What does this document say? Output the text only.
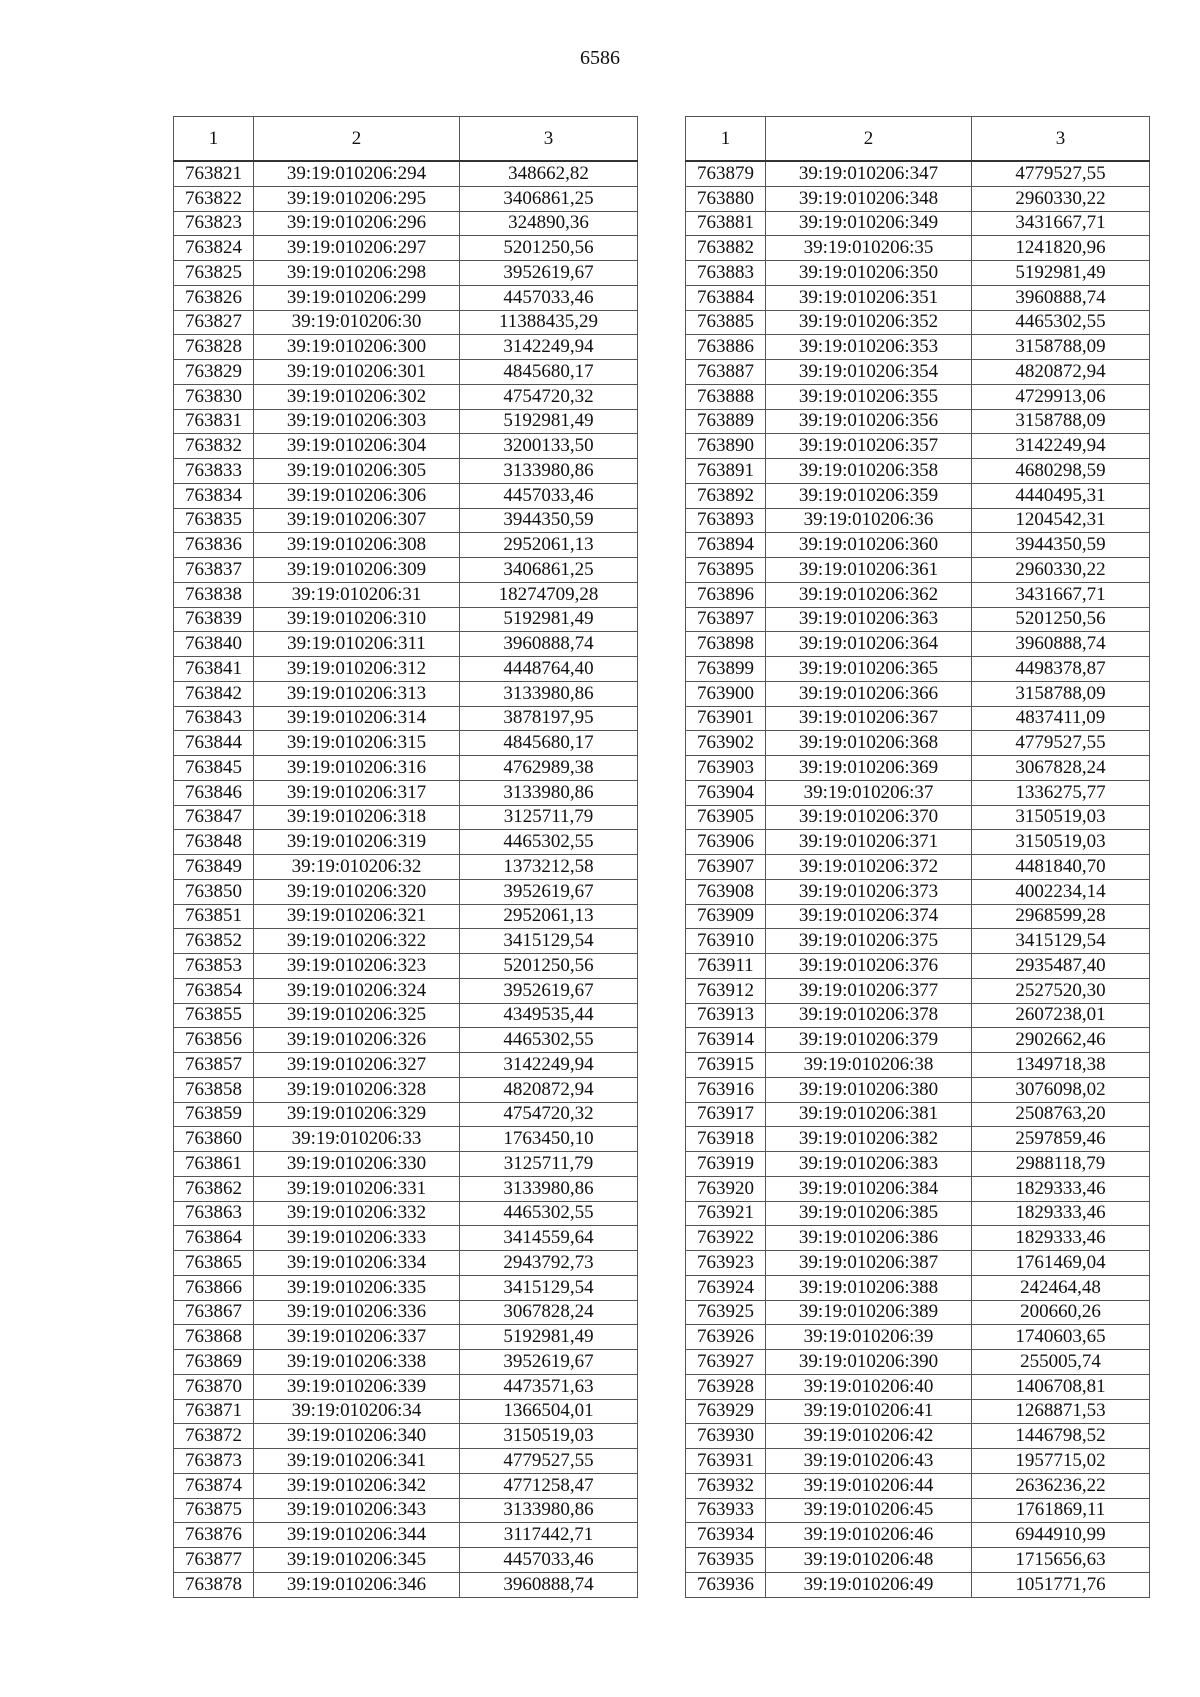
6586
1	2	3
763821	39:19:010206:294	348662,82
763822	39:19:010206:295	3406861,25
763823	39:19:010206:296	324890,36
763824	39:19:010206:297	5201250,56
763825	39:19:010206:298	3952619,67
763826	39:19:010206:299	4457033,46
763827	39:19:010206:30	11388435,29
763828	39:19:010206:300	3142249,94
763829	39:19:010206:301	4845680,17
763830	39:19:010206:302	4754720,32
763831	39:19:010206:303	5192981,49
763832	39:19:010206:304	3200133,50
763833	39:19:010206:305	3133980,86
763834	39:19:010206:306	4457033,46
763835	39:19:010206:307	3944350,59
763836	39:19:010206:308	2952061,13
763837	39:19:010206:309	3406861,25
763838	39:19:010206:31	18274709,28
763839	39:19:010206:310	5192981,49
763840	39:19:010206:311	3960888,74
763841	39:19:010206:312	4448764,40
763842	39:19:010206:313	3133980,86
763843	39:19:010206:314	3878197,95
763844	39:19:010206:315	4845680,17
763845	39:19:010206:316	4762989,38
763846	39:19:010206:317	3133980,86
763847	39:19:010206:318	3125711,79
763848	39:19:010206:319	4465302,55
763849	39:19:010206:32	1373212,58
763850	39:19:010206:320	3952619,67
763851	39:19:010206:321	2952061,13
763852	39:19:010206:322	3415129,54
763853	39:19:010206:323	5201250,56
763854	39:19:010206:324	3952619,67
763855	39:19:010206:325	4349535,44
763856	39:19:010206:326	4465302,55
763857	39:19:010206:327	3142249,94
763858	39:19:010206:328	4820872,94
763859	39:19:010206:329	4754720,32
763860	39:19:010206:33	1763450,10
763861	39:19:010206:330	3125711,79
763862	39:19:010206:331	3133980,86
763863	39:19:010206:332	4465302,55
763864	39:19:010206:333	3414559,64
763865	39:19:010206:334	2943792,73
763866	39:19:010206:335	3415129,54
763867	39:19:010206:336	3067828,24
763868	39:19:010206:337	5192981,49
763869	39:19:010206:338	3952619,67
763870	39:19:010206:339	4473571,63
763871	39:19:010206:34	1366504,01
763872	39:19:010206:340	3150519,03
763873	39:19:010206:341	4779527,55
763874	39:19:010206:342	4771258,47
763875	39:19:010206:343	3133980,86
763876	39:19:010206:344	3117442,71
763877	39:19:010206:345	4457033,46
763878	39:19:010206:346	3960888,74
1	2	3
763879	39:19:010206:347	4779527,55
763880	39:19:010206:348	2960330,22
763881	39:19:010206:349	3431667,71
763882	39:19:010206:35	1241820,96
763883	39:19:010206:350	5192981,49
763884	39:19:010206:351	3960888,74
763885	39:19:010206:352	4465302,55
763886	39:19:010206:353	3158788,09
763887	39:19:010206:354	4820872,94
763888	39:19:010206:355	4729913,06
763889	39:19:010206:356	3158788,09
763890	39:19:010206:357	3142249,94
763891	39:19:010206:358	4680298,59
763892	39:19:010206:359	4440495,31
763893	39:19:010206:36	1204542,31
763894	39:19:010206:360	3944350,59
763895	39:19:010206:361	2960330,22
763896	39:19:010206:362	3431667,71
763897	39:19:010206:363	5201250,56
763898	39:19:010206:364	3960888,74
763899	39:19:010206:365	4498378,87
763900	39:19:010206:366	3158788,09
763901	39:19:010206:367	4837411,09
763902	39:19:010206:368	4779527,55
763903	39:19:010206:369	3067828,24
763904	39:19:010206:37	1336275,77
763905	39:19:010206:370	3150519,03
763906	39:19:010206:371	3150519,03
763907	39:19:010206:372	4481840,70
763908	39:19:010206:373	4002234,14
763909	39:19:010206:374	2968599,28
763910	39:19:010206:375	3415129,54
763911	39:19:010206:376	2935487,40
763912	39:19:010206:377	2527520,30
763913	39:19:010206:378	2607238,01
763914	39:19:010206:379	2902662,46
763915	39:19:010206:38	1349718,38
763916	39:19:010206:380	3076098,02
763917	39:19:010206:381	2508763,20
763918	39:19:010206:382	2597859,46
763919	39:19:010206:383	2988118,79
763920	39:19:010206:384	1829333,46
763921	39:19:010206:385	1829333,46
763922	39:19:010206:386	1829333,46
763923	39:19:010206:387	1761469,04
763924	39:19:010206:388	242464,48
763925	39:19:010206:389	200660,26
763926	39:19:010206:39	1740603,65
763927	39:19:010206:390	255005,74
763928	39:19:010206:40	1406708,81
763929	39:19:010206:41	1268871,53
763930	39:19:010206:42	1446798,52
763931	39:19:010206:43	1957715,02
763932	39:19:010206:44	2636236,22
763933	39:19:010206:45	1761869,11
763934	39:19:010206:46	6944910,99
763935	39:19:010206:48	1715656,63
763936	39:19:010206:49	1051771,76
